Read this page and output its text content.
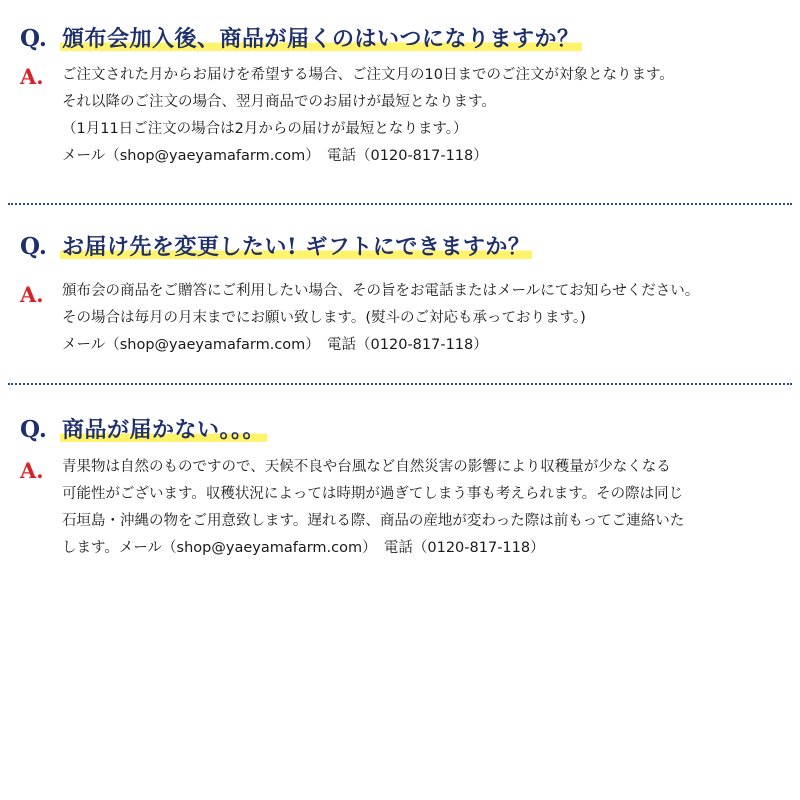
Q. 頒布会加入後、商品が届くのはいつになりますか？
A. ご注文された月からお届けを希望する場合、ご注文月の10日までのご注文が対象となります。
それ以降のご注文の場合、翌月商品でのお届けが最短となります。
（1月11日ご注文の場合は2月からの届けが最短となります。）
メール（shop@yaeyamafarm.com）　電話（0120-817-118）
Q. お届け先を変更したい! ギフトにできますか？
A. 頒布会の商品をご贈答にご利用したい場合、その旨をお電話またはメールにてお知らせください。
その場合は毎月の月末までにお願い致します。(熨斗のご対応も承っております。)
メール（shop@yaeyamafarm.com）　電話（0120-817-118）
Q. 商品が届かない。。。
A. 青果物は自然のものですので、天候不良や台風など自然災害の影響により収穫量が少なくなる
可能性がございます。収穫状況によっては時期が過ぎてしまう事も考えられます。その際は同じ
石垣島・沖縄の物をご用意致します。遅れる際、商品の産地が変わった際は前もってご連絡いた
します。メール（shop@yaeyamafarm.com）　電話（0120-817-118）
